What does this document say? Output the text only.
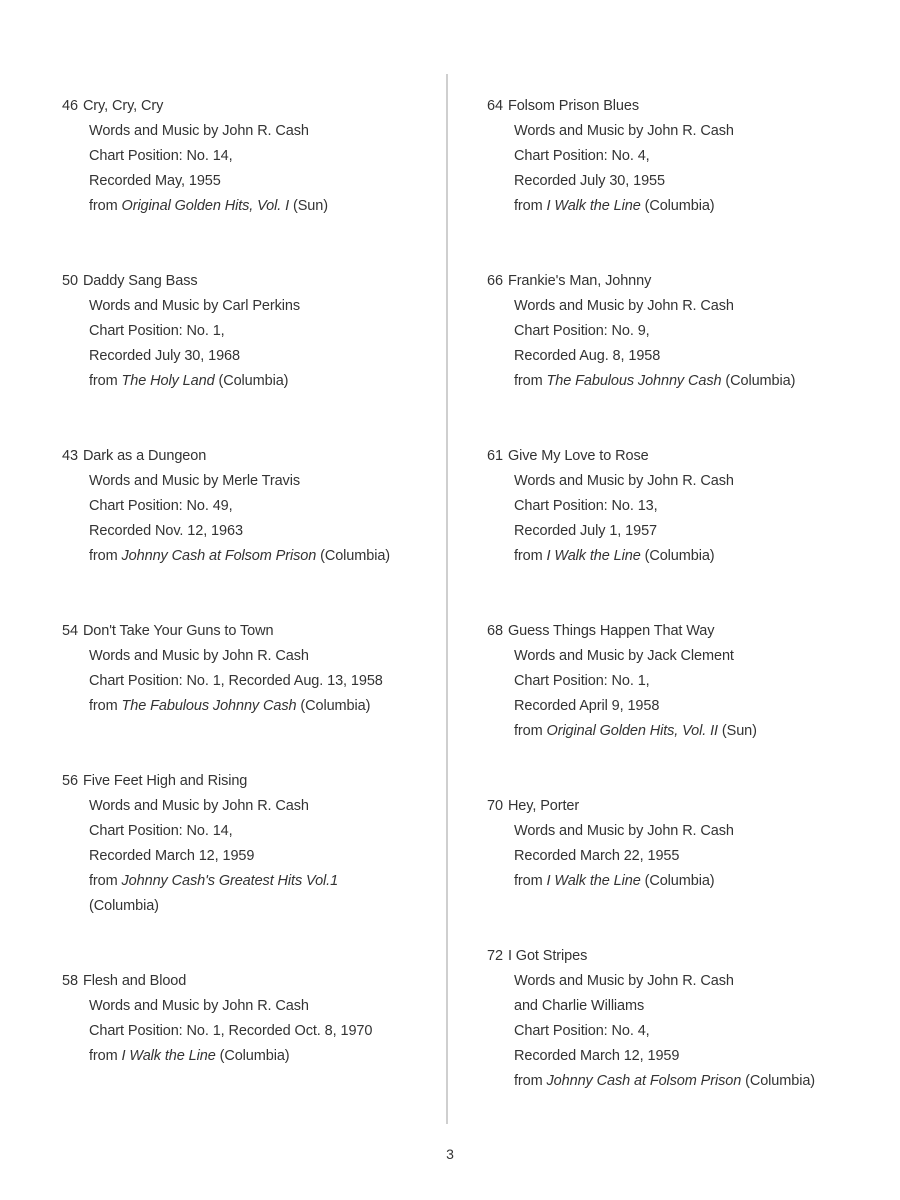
46 Cry, Cry, Cry
Words and Music by John R. Cash
Chart Position: No. 14,
Recorded May, 1955
from Original Golden Hits, Vol. I (Sun)
50 Daddy Sang Bass
Words and Music by Carl Perkins
Chart Position: No. 1,
Recorded July 30, 1968
from The Holy Land (Columbia)
43 Dark as a Dungeon
Words and Music by Merle Travis
Chart Position: No. 49,
Recorded Nov. 12, 1963
from Johnny Cash at Folsom Prison (Columbia)
54 Don't Take Your Guns to Town
Words and Music by John R. Cash
Chart Position: No. 1, Recorded Aug. 13, 1958
from The Fabulous Johnny Cash (Columbia)
56 Five Feet High and Rising
Words and Music by John R. Cash
Chart Position: No. 14,
Recorded March 12, 1959
from Johnny Cash's Greatest Hits Vol.1
(Columbia)
58 Flesh and Blood
Words and Music by John R. Cash
Chart Position: No. 1, Recorded Oct. 8, 1970
from I Walk the Line (Columbia)
64 Folsom Prison Blues
Words and Music by John R. Cash
Chart Position: No. 4,
Recorded July 30, 1955
from I Walk the Line (Columbia)
66 Frankie's Man, Johnny
Words and Music by John R. Cash
Chart Position: No. 9,
Recorded Aug. 8, 1958
from The Fabulous Johnny Cash (Columbia)
61 Give My Love to Rose
Words and Music by John R. Cash
Chart Position: No. 13,
Recorded July 1, 1957
from I Walk the Line (Columbia)
68 Guess Things Happen That Way
Words and Music by Jack Clement
Chart Position: No. 1,
Recorded April 9, 1958
from Original Golden Hits, Vol. II (Sun)
70 Hey, Porter
Words and Music by John R. Cash
Recorded March 22, 1955
from I Walk the Line (Columbia)
72 I Got Stripes
Words and Music by John R. Cash
and Charlie Williams
Chart Position: No. 4,
Recorded March 12, 1959
from Johnny Cash at Folsom Prison (Columbia)
3
